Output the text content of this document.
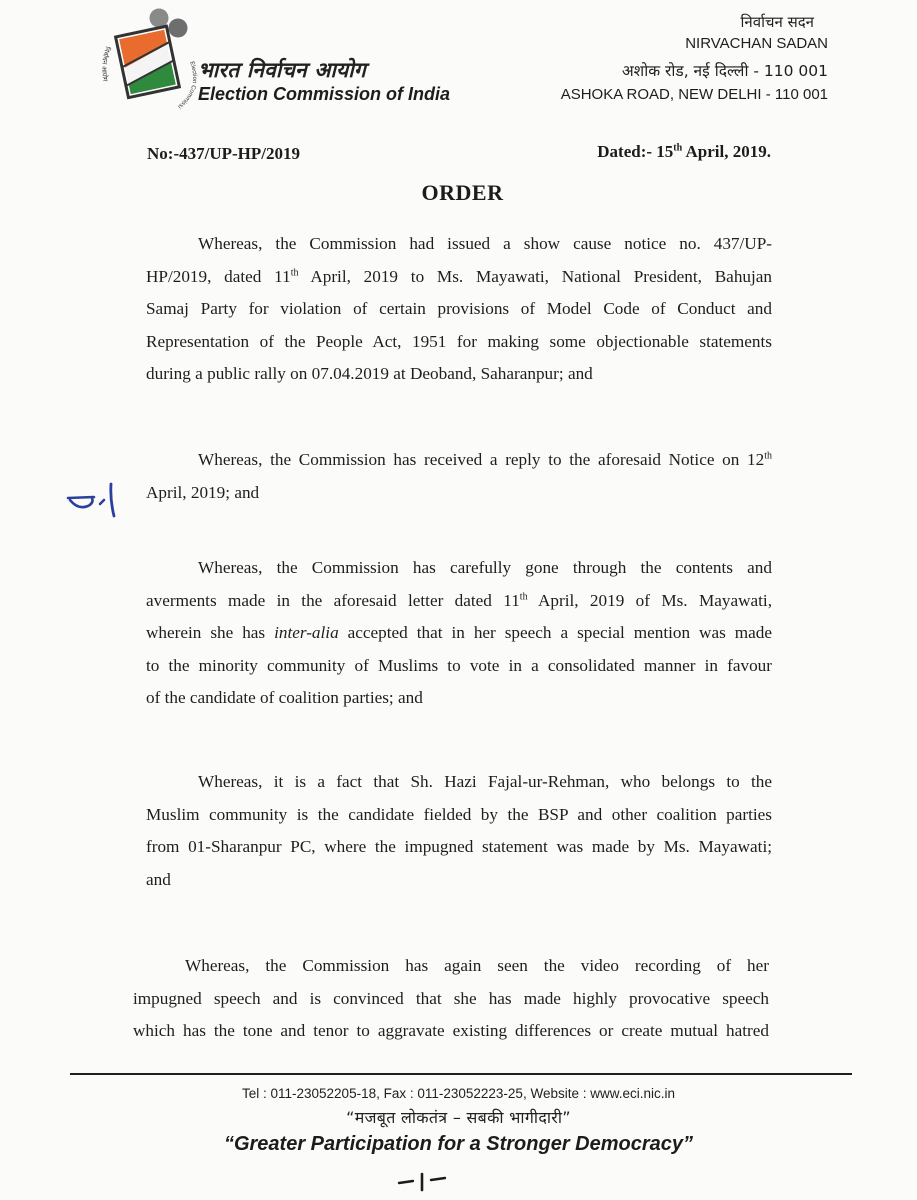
निर्वाचन आयोग
Election Commissi
भारत निर्वाचन आयोग
Election Commission of India
निर्वाचन सदन
NIRVACHAN SADAN
अशोक रोड, नई दिल्ली - 110 001
ASHOKA ROAD, NEW DELHI - 110 001
No:-437/UP-HP/2019	Dated:- 15th April, 2019.
ORDER
Whereas, the Commission had issued a show cause notice no. 437/UP-
HP/2019, dated 11th April, 2019 to Ms. Mayawati, National President, Bahujan
Samaj Party for violation of certain provisions of Model Code of Conduct and
Representation of the People Act, 1951 for making some objectionable statements
during a public rally on 07.04.2019 at Deoband, Saharanpur; and
Whereas, the Commission has received a reply to the aforesaid Notice on 12th
April, 2019; and
Whereas, the Commission has carefully gone through the contents and
averments made in the aforesaid letter dated 11th April, 2019 of Ms. Mayawati,
wherein she has inter-alia accepted that in her speech a special mention was made
to the minority community of Muslims to vote in a consolidated manner in favour
of the candidate of coalition parties; and
Whereas, it is a fact that Sh. Hazi Fajal-ur-Rehman, who belongs to the
Muslim community is the candidate fielded by the BSP and other coalition parties
from 01-Sharanpur PC, where the impugned statement was made by Ms. Mayawati;
and
Whereas, the Commission has again seen the video recording of her
impugned speech and is convinced that she has made highly provocative speech
which has the tone and tenor to aggravate existing differences or create mutual hatred
Tel : 011-23052205-18, Fax : 011-23052223-25, Website : www.eci.nic.in
“मजबूत लोकतंत्र – सबकी भागीदारी”
“Greater Participation for a Stronger Democracy”
